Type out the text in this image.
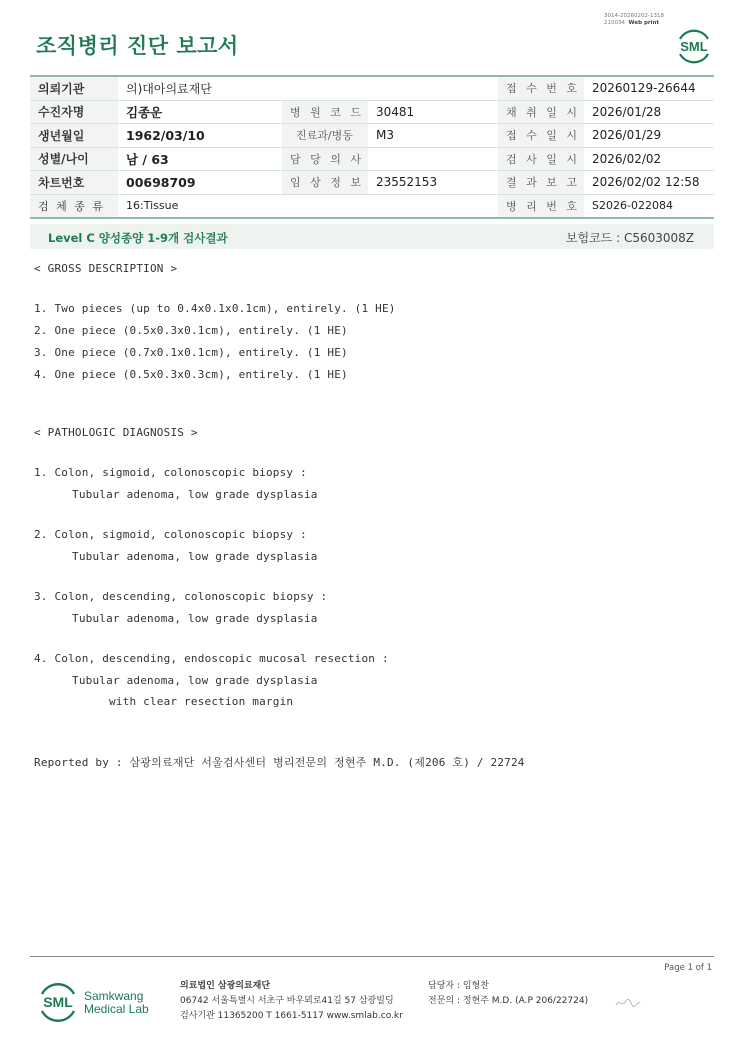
조직병리 진단 보고서
3014-20260202-1318
210034 Web print
SML
의뢰기관	의)대아의료재단			접 수 번 호	20260129-26644
수진자명	김종운	병 원 코 드	30481	채 취 일 시	2026/01/28
생년월일	1962/03/10	진료과/병동	M3	접 수 일 시	2026/01/29
성별/나이	남 / 63	담 당 의 사		검 사 일 시	2026/02/02
차트번호	00698709	임 상 정 보	23552153	결 과 보 고	2026/02/02 12:58
검 체 종 류	16:Tissue			병 리 번 호	S2026-022084
Level C 양성종양 1-9개 검사결과	보험코드 : C5603008Z
< GROSS DESCRIPTION >
1. Two pieces (up to 0.4x0.1x0.1cm), entirely. (1 HE)
2. One piece (0.5x0.3x0.1cm), entirely. (1 HE)
3. One piece (0.7x0.1x0.1cm), entirely. (1 HE)
4. One piece (0.5x0.3x0.3cm), entirely. (1 HE)
< PATHOLOGIC DIAGNOSIS >
1. Colon, sigmoid, colonoscopic biopsy :
Tubular adenoma, low grade dysplasia
2. Colon, sigmoid, colonoscopic biopsy :
Tubular adenoma, low grade dysplasia
3. Colon, descending, colonoscopic biopsy :
Tubular adenoma, low grade dysplasia
4. Colon, descending, endoscopic mucosal resection :
Tubular adenoma, low grade dysplasia
with clear resection margin
Reported by : 삼광의료재단 서울검사센터 병리전문의 정현주 M.D. (제206 호) / 22724
Page 1 of 1
SML Samkwang
Medical Lab
의료법인 삼광의료재단
06742 서울특별시 서초구 바우뫼로41길 57 삼광빌딩
검사기관 11365200 T 1661-5117 www.smlab.co.kr
담당자 : 임형찬
전문의 : 정현주 M.D. (A.P 206/22724)
